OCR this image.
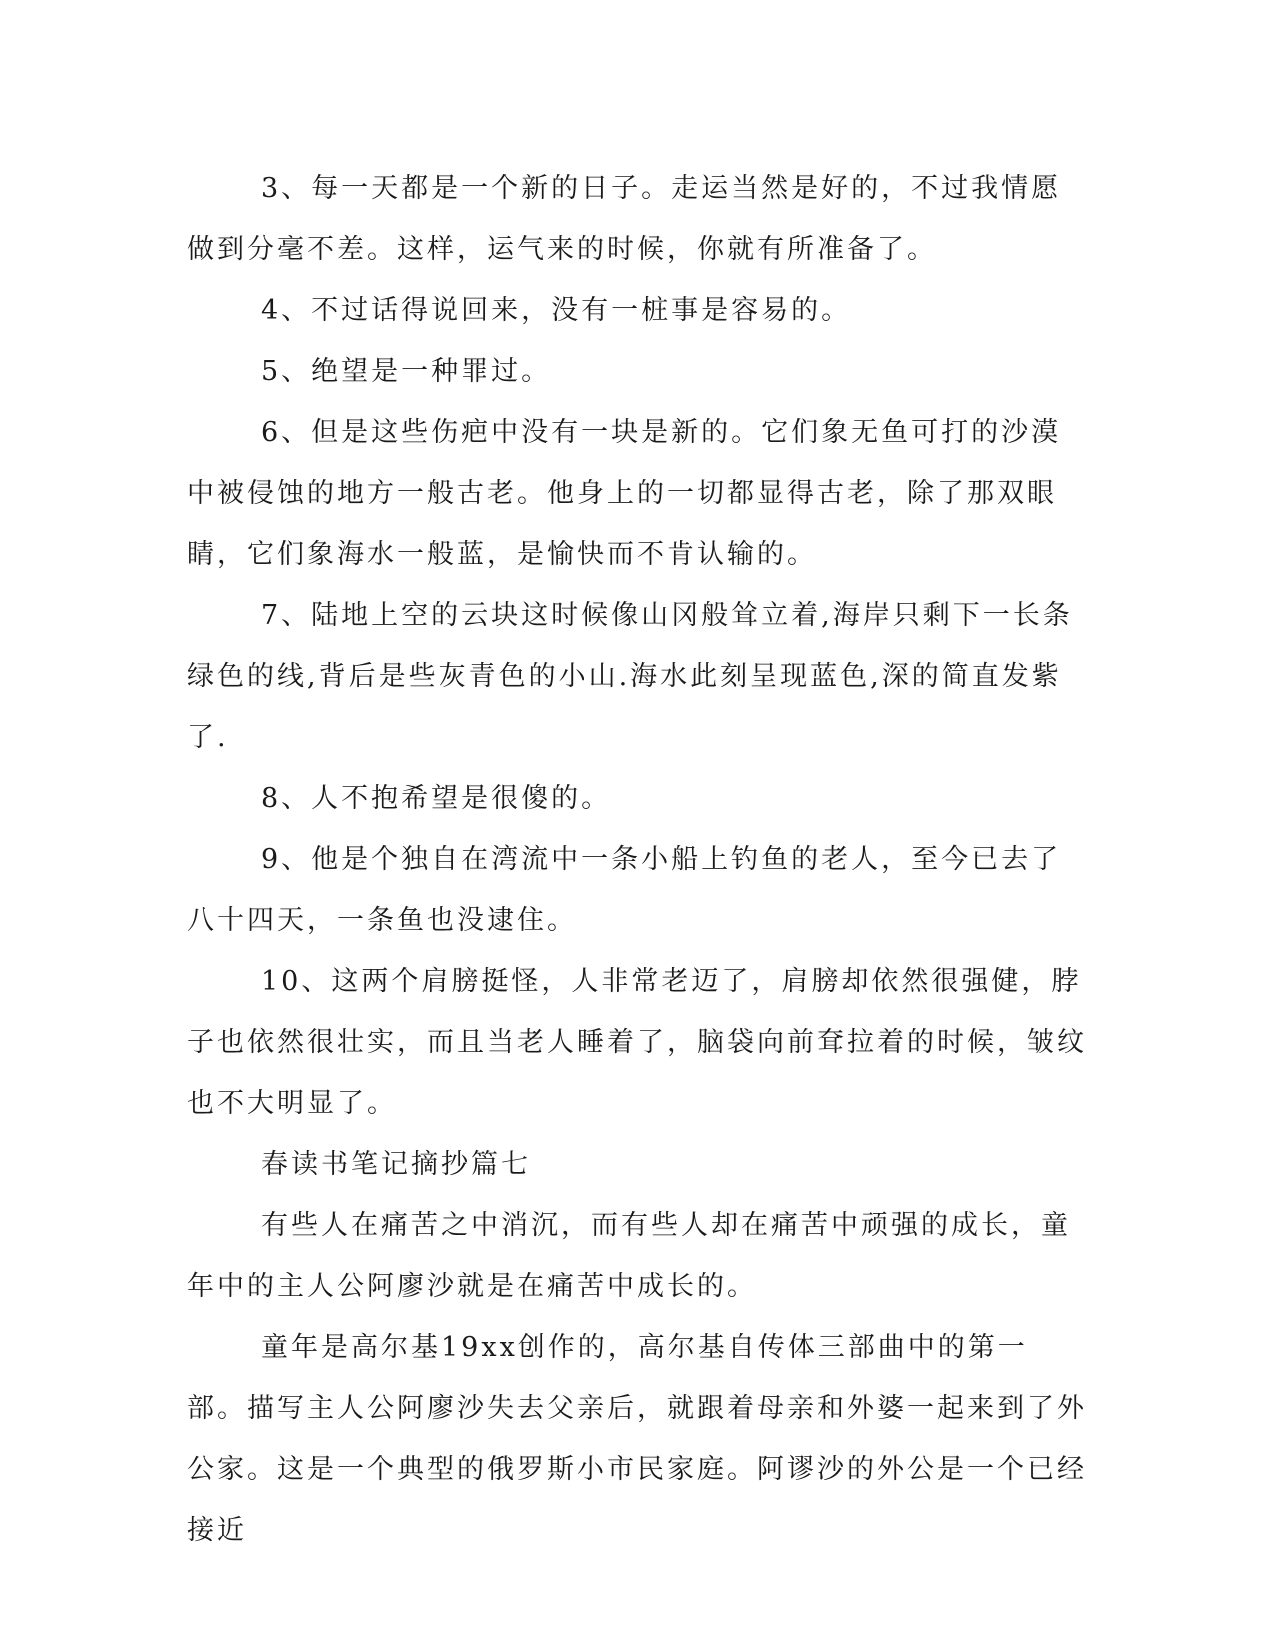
3、每一天都是一个新的日子。走运当然是好的，不过我情愿做到分毫不差。这样，运气来的时候，你就有所准备了。

4、不过话得说回来，没有一桩事是容易的。

5、绝望是一种罪过。

6、但是这些伤疤中没有一块是新的。它们象无鱼可打的沙漠中被侵蚀的地方一般古老。他身上的一切都显得古老，除了那双眼睛，它们象海水一般蓝，是愉快而不肯认输的。

7、陆地上空的云块这时候像山冈般耸立着,海岸只剩下一长条绿色的线,背后是些灰青色的小山.海水此刻呈现蓝色,深的简直发紫了.

8、人不抱希望是很傻的。

9、他是个独自在湾流中一条小船上钓鱼的老人，至今已去了八十四天，一条鱼也没逮住。

10、这两个肩膀挺怪，人非常老迈了，肩膀却依然很强健，脖子也依然很壮实，而且当老人睡着了，脑袋向前耷拉着的时候，皱纹也不大明显了。

春读书笔记摘抄篇七

有些人在痛苦之中消沉，而有些人却在痛苦中顽强的成长，童年中的主人公阿廖沙就是在痛苦中成长的。

童年是高尔基19xx创作的，高尔基自传体三部曲中的第一部。描写主人公阿廖沙失去父亲后，就跟着母亲和外婆一起来到了外公家。这是一个典型的俄罗斯小市民家庭。阿谬沙的外公是一个已经接近
